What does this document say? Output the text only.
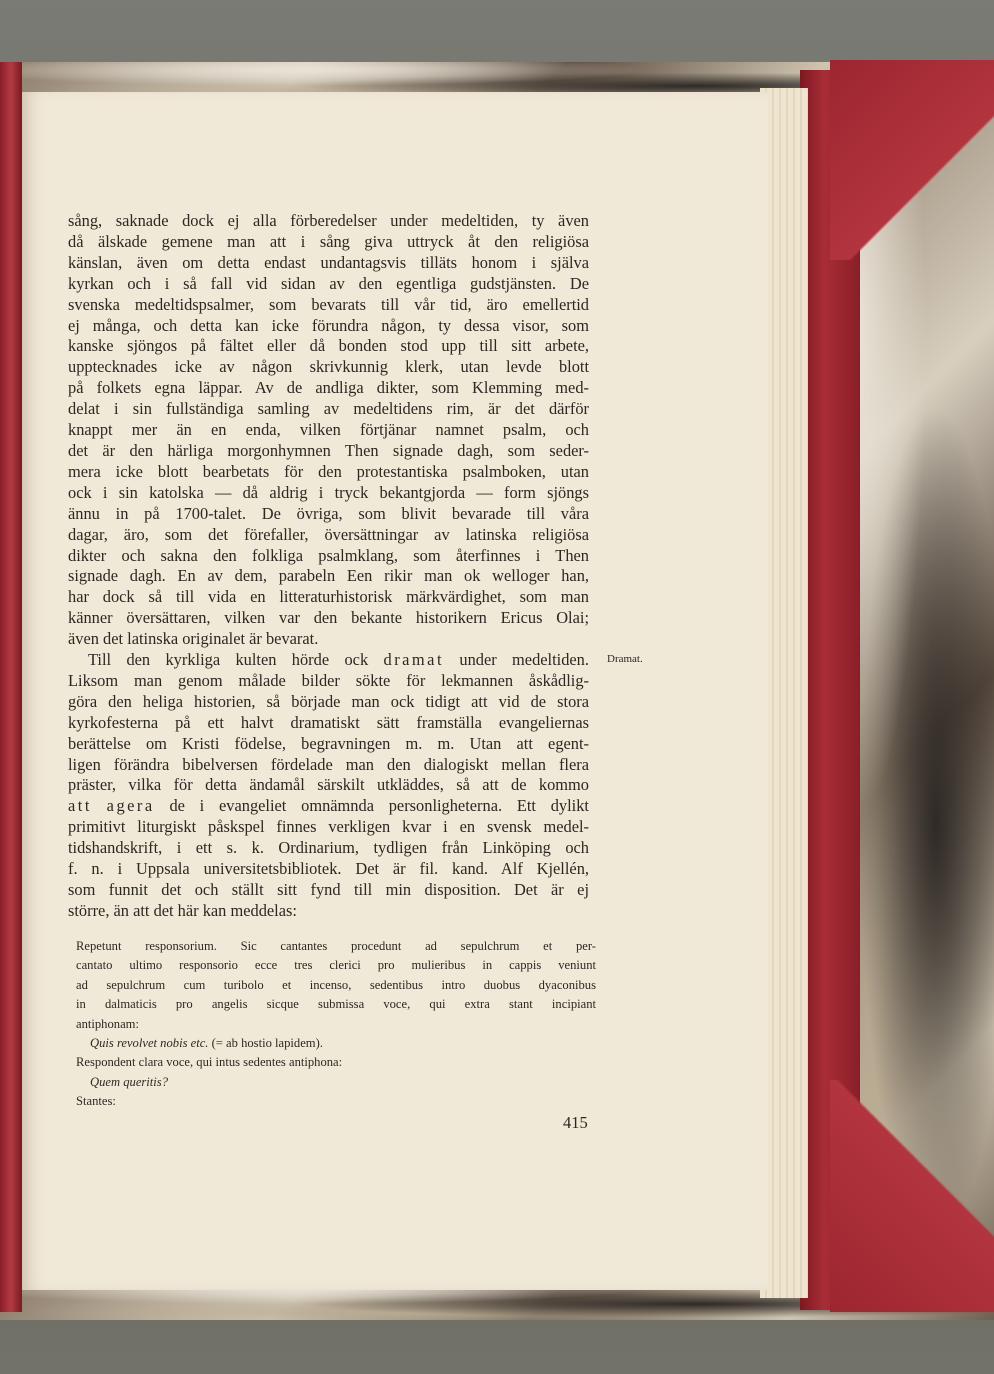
sång, saknade dock ej alla förberedelser under medeltiden, ty även
då älskade gemene man att i sång giva uttryck åt den religiösa
känslan, även om detta endast undantagsvis tilläts honom i själva
kyrkan och i så fall vid sidan av den egentliga gudstjänsten. De
svenska medeltidspsalmer, som bevarats till vår tid, äro emellertid
ej många, och detta kan icke förundra någon, ty dessa visor, som
kanske sjöngos på fältet eller då bonden stod upp till sitt arbete,
upptecknades icke av någon skrivkunnig klerk, utan levde blott
på folkets egna läppar. Av de andliga dikter, som Klemming med-
delat i sin fullständiga samling av medeltidens rim, är det därför
knappt mer än en enda, vilken förtjänar namnet psalm, och
det är den härliga morgonhymnen Then signade dagh, som seder-
mera icke blott bearbetats för den protestantiska psalmboken, utan
ock i sin katolska — då aldrig i tryck bekantgjorda — form sjöngs
ännu in på 1700-talet. De övriga, som blivit bevarade till våra
dagar, äro, som det förefaller, översättningar av latinska religiösa
dikter och sakna den folkliga psalmklang, som återfinnes i Then
signade dagh. En av dem, parabeln Een rikir man ok welloger han,
har dock så till vida en litteraturhistorisk märkvärdighet, som man
känner översättaren, vilken var den bekante historikern Ericus Olai;
även det latinska originalet är bevarat.
Till den kyrkliga kulten hörde ock dramat under medeltiden.
Liksom man genom målade bilder sökte för lekmannen åskådlig-
göra den heliga historien, så började man ock tidigt att vid de stora
kyrkofesterna på ett halvt dramatiskt sätt framställa evangeliernas
berättelse om Kristi födelse, begravningen m. m. Utan att egent-
ligen förändra bibelversen fördelade man den dialogiskt mellan flera
präster, vilka för detta ändamål särskilt utkläddes, så att de kommo
att agera de i evangeliet omnämnda personligheterna. Ett dylikt
primitivt liturgiskt påskspel finnes verkligen kvar i en svensk medel-
tidshandskrift, i ett s. k. Ordinarium, tydligen från Linköping och
f. n. i Uppsala universitetsbibliotek. Det är fil. kand. Alf Kjellén,
som funnit det och ställt sitt fynd till min disposition. Det är ej
större, än att det här kan meddelas:
Dramat.
Repetunt responsorium. Sic cantantes procedunt ad sepulchrum et per-
cantato ultimo responsorio ecce tres clerici pro mulieribus in cappis veniunt
ad sepulchrum cum turibolo et incenso, sedentibus intro duobus dyaconibus
in dalmaticis pro angelis sicque submissa voce, qui extra stant incipiant
antiphonam:
Quis revolvet nobis etc. (= ab hostio lapidem).
Respondent clara voce, qui intus sedentes antiphona:
Quem queritis?
Stantes:
415
